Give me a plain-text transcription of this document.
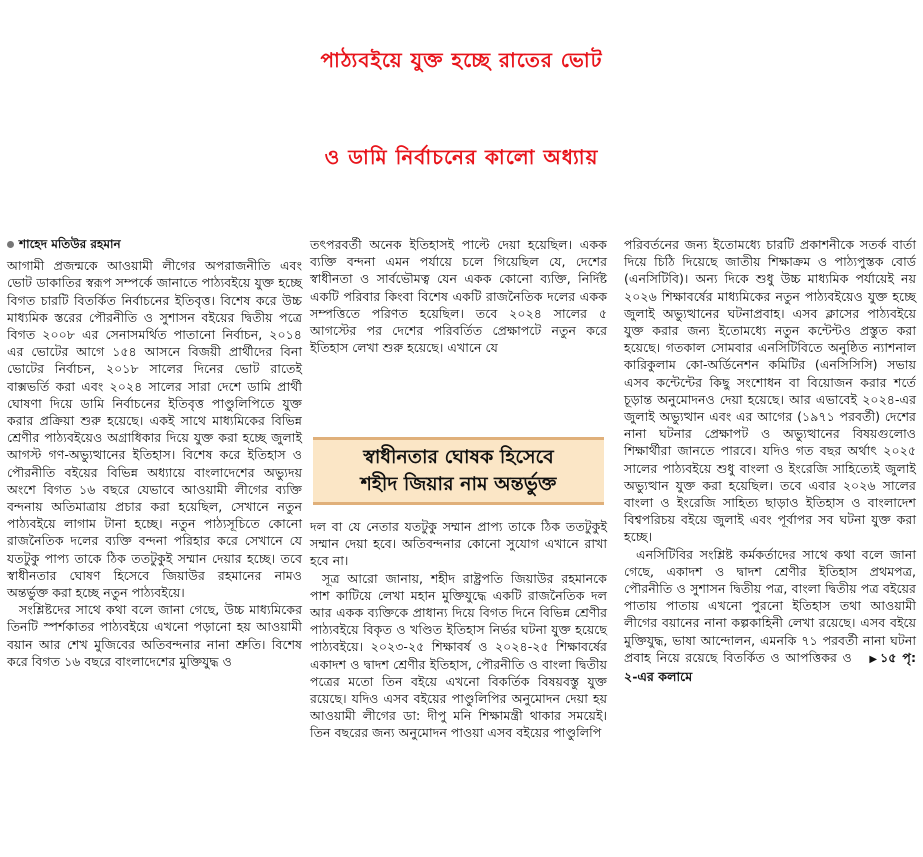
পাঠ্যবইয়ে যুক্ত হচ্ছে রাতের ভোট
ও ডামি নির্বাচনের কালো অধ্যায়
শাহেদ মতিউর রহমান

আগামী প্রজন্মকে আওয়ামী লীগের অপরাজনীতি এবং ভোট ডাকাতির স্বরূপ সম্পর্কে জানাতে পাঠ্যবইয়ে যুক্ত হচ্ছে বিগত চারটি বিতর্কিত নির্বাচনের ইতিবৃত্ত। বিশেষ করে উচ্চ মাধ্যমিক স্তরের পৌরনীতি ও সুশাসন বইয়ের দ্বিতীয় পত্রে বিগত ২০০৮ এর সেনাসমর্থিত পাতানো নির্বাচন, ২০১৪ এর ভোটের আগে ১৫৪ আসনে বিজয়ী প্রার্থীদের বিনা ভোটের নির্বাচন, ২০১৮ সালের দিনের ভোট রাতেই বাক্সভর্তি করা এবং ২০২৪ সালের সারা দেশে ডামি প্রার্থী ঘোষণা দিয়ে ডামি নির্বাচনের ইতিবৃত্ত পাণ্ডুলিপিতে যুক্ত করার প্রক্রিয়া শুরু হয়েছে। একই সাথে মাধ্যমিকের বিভিন্ন শ্রেণীর পাঠ্যবইয়েও অগ্রাধিকার দিয়ে যুক্ত করা হচ্ছে জুলাই আগস্ট গণ-অভ্যুত্থানের ইতিহাস। বিশেষ করে ইতিহাস ও পৌরনীতি বইয়ের বিভিন্ন অধ্যায়ে বাংলাদেশের অভ্যুদয় অংশে বিগত ১৬ বছরে যেভাবে আওয়ামী লীগের ব্যক্তি বন্দনায় অতিমাত্রায় প্রচার করা হয়েছিল, সেখানে নতুন পাঠ্যবইয়ে লাগাম টানা হচ্ছে। নতুন পাঠ্যসূচিতে কোনো রাজনৈতিক দলের ব্যক্তি বন্দনা পরিহার করে সেখানে যে যতটুকু পাপ্য তাকে ঠিক ততটুকুই সম্মান দেয়ার হচ্ছে। তবে স্বাধীনতার ঘোষণ হিসেবে জিয়াউর রহমানের নামও অন্তর্ভুক্ত করা হচ্ছে নতুন পাঠ্যবইয়ে।

সংশ্লিষ্টদের সাথে কথা বলে জানা গেছে, উচ্চ মাধ্যমিকের তিনটি স্পর্শকাতর পাঠ্যবইয়ে এখনো পড়ানো হয় আওয়ামী বয়ান আর শেখ মুজিবের অতিবন্দনার নানা শ্রুতি। বিশেষ করে বিগত ১৬ বছরে বাংলাদেশের মুক্তিযুদ্ধ ও

তৎপরবর্তী অনেক ইতিহাসই পাল্টে দেয়া হয়েছিল। একক ব্যক্তি বন্দনা এমন পর্যায়ে চলে গিয়েছিল যে, দেশের স্বাধীনতা ও সার্বভৌমত্ব যেন একক কোনো ব্যক্তি, নির্দিষ্ট একটি পরিবার কিংবা বিশেষ একটি রাজনৈতিক দলের একক সম্পত্তিতে পরিণত হয়েছিল। তবে ২০২৪ সালের ৫ আগস্টের পর দেশের পরিবর্তিত প্রেক্ষাপটে নতুন করে ইতিহাস লেখা শুরু হয়েছে। এখানে যে

স্বাধীনতার ঘোষক হিসেবে
শহীদ জিয়ার নাম অন্তর্ভুক্ত

দল বা যে নেতার যতটুকু সম্মান প্রাপ্য তাকে ঠিক ততটুকুই সম্মান দেয়া হবে। অতিবন্দনার কোনো সুযোগ এখানে রাখা হবে না।

সূত্র আরো জানায়, শহীদ রাষ্ট্রপতি জিয়াউর রহমানকে পাশ কাটিয়ে লেখা মহান মুক্তিযুদ্ধে একটি রাজনৈতিক দল আর একক ব্যক্তিকে প্রাধান্য দিয়ে বিগত দিনে বিভিন্ন শ্রেণীর পাঠ্যবইয়ে বিকৃত ও খণ্ডিত ইতিহাস নির্ভর ঘটনা যুক্ত হয়েছে পাঠ্যবইয়ে। ২০২৩-২৫ শিক্ষাবর্ষ ও ২০২৪-২৫ শিক্ষাবর্ষের একাদশ ও দ্বাদশ শ্রেণীর ইতিহাস, পৌরনীতি ও বাংলা দ্বিতীয় পত্রের মতো তিন বইয়ে এখনো বিকর্তিক বিষয়বস্তু যুক্ত রয়েছে। যদিও এসব বইয়ের পাণ্ডুলিপির অনুমোদন দেয়া হয় আওয়ামী লীগের ডা: দীপু মনি শিক্ষামন্ত্রী থাকার সময়েই। তিন বছরের জন্য অনুমোদন পাওয়া এসব বইয়ের পাণ্ডুলিপি

পরিবর্তনের জন্য ইতোমধ্যে চারটি প্রকাশনীকে সতর্ক বার্তা দিয়ে চিঠি দিয়েছে জাতীয় শিক্ষাক্রম ও পাঠ্যপুস্তক বোর্ড (এনসিটিবি)। অন্য দিকে শুধু উচ্চ মাধ্যমিক পর্যায়েই নয় ২০২৬ শিক্ষাবর্ষের মাধ্যমিকের নতুন পাঠ্যবইয়েও যুক্ত হচ্ছে জুলাই অভ্যুত্থানের ঘটনাপ্রবাহ। এসব ক্লাসের পাঠ্যবইয়ে যুক্ত করার জন্য ইতোমধ্যে নতুন কন্টেন্টও প্রস্তুত করা হয়েছে। গতকাল সোমবার এনসিটিবিতে অনুষ্ঠিত ন্যাশনাল কারিকুলাম কো-অর্ডিনেশন কমিটির (এনসিসিসি) সভায় এসব কন্টেন্টের কিছু সংশোধন বা বিয়োজন করার শর্তে চূড়ান্ত অনুমোদনও দেয়া হয়েছে। আর এভাবেই ২০২৪-এর জুলাই অভ্যুত্থান এবং এর আগের (১৯৭১ পরবর্তী) দেশের নানা ঘটনার প্রেক্ষাপট ও অভ্যুত্থানের বিষয়গুলোও শিক্ষার্থীরা জানতে পারবে। যদিও গত বছর অর্থাৎ ২০২৫ সালের পাঠ্যবইয়ে শুধু বাংলা ও ইংরেজি সাহিত্যেই জুলাই অভ্যুত্থান যুক্ত করা হয়েছিল। তবে এবার ২০২৬ সালের বাংলা ও ইংরেজি সাহিত্য ছাড়াও ইতিহাস ও বাংলাদেশ বিশ্বপরিচয় বইয়ে জুলাই এবং পূর্বাপর সব ঘটনা যুক্ত করা হচ্ছে।

এনসিটিবির সংশ্লিষ্ট কর্মকর্তাদের সাথে কথা বলে জানা গেছে, একাদশ ও দ্বাদশ শ্রেণীর ইতিহাস প্রথমপত্র, পৌরনীতি ও সুশাসন দ্বিতীয় পত্র, বাংলা দ্বিতীয় পত্র বইয়ের পাতায় পাতায় এখনো পুরনো ইতিহাস তথা আওয়ামী লীগের বয়ানের নানা কল্পকাহিনী লেখা রয়েছে। এসব বইয়ে মুক্তিযুদ্ধ, ভাষা আন্দোলন, এমনকি ৭১ পরবর্তী নানা ঘটনা প্রবাহ নিয়ে রয়েছে বিতর্কিত ও আপত্তিকর ও ▶ ১৫ পৃ: ২-এর কলামে
